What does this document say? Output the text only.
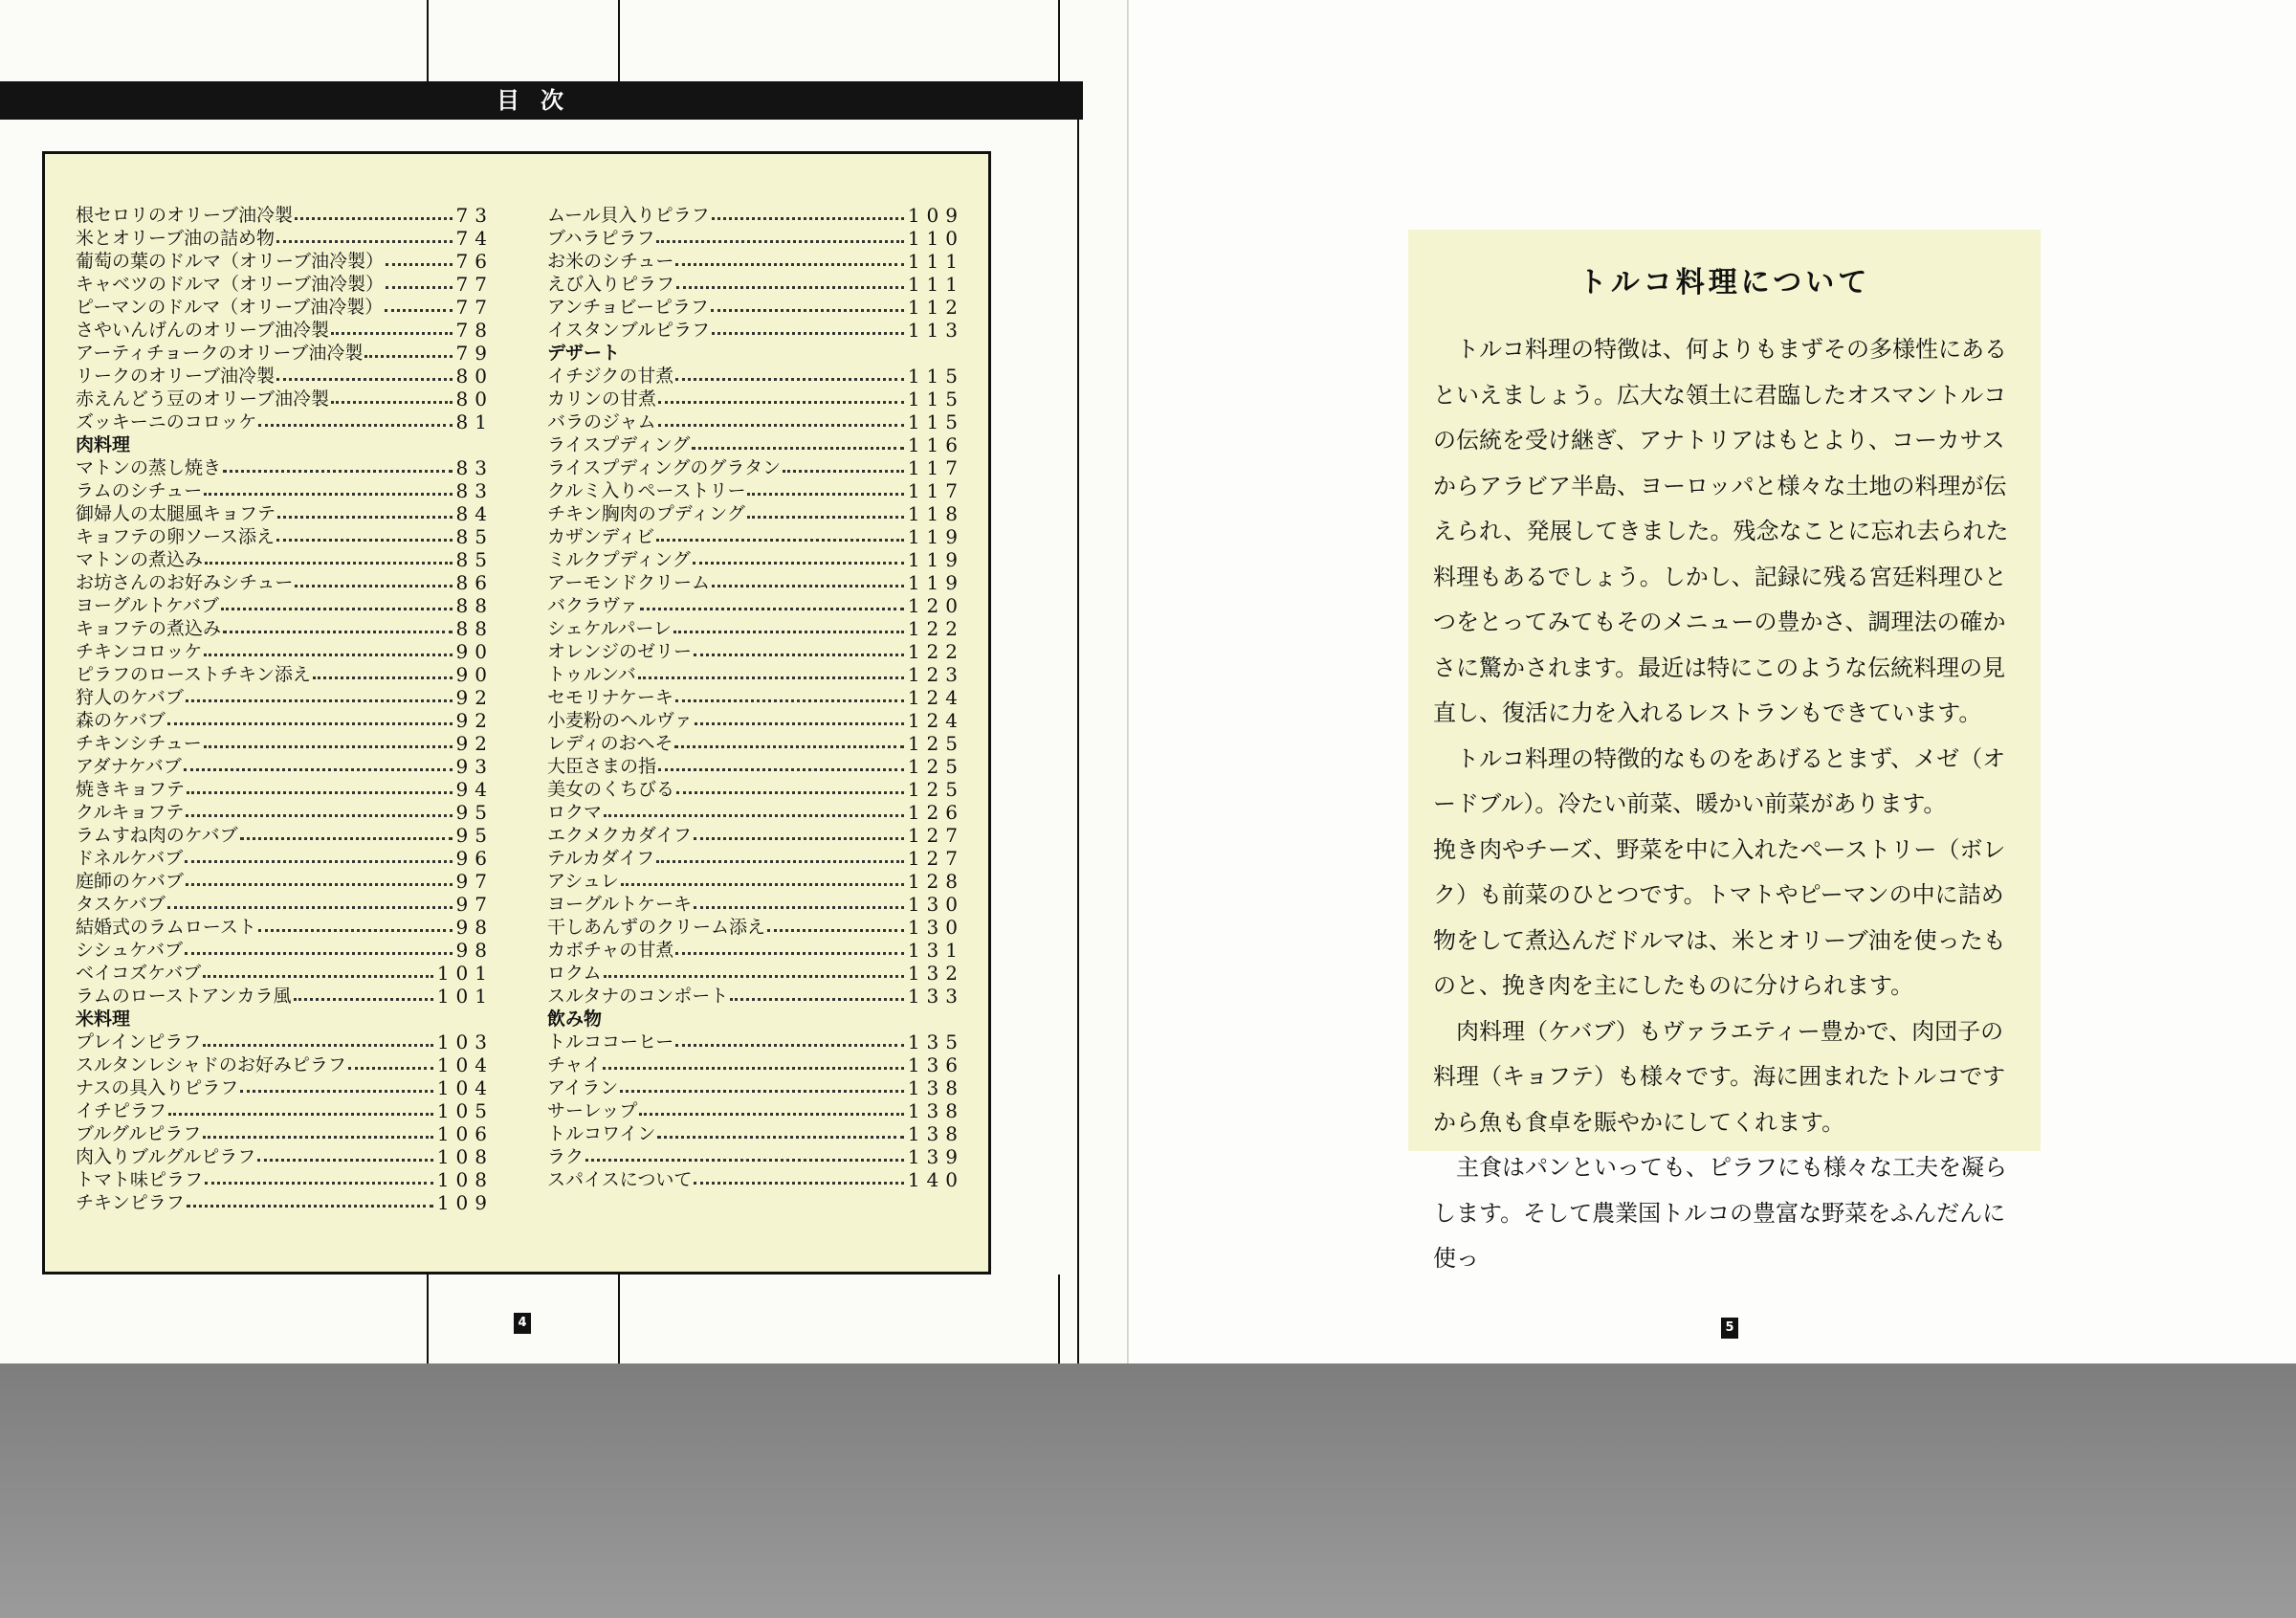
目次
根セロリのオリーブ油冷製	73
米とオリーブ油の詰め物	74
葡萄の葉のドルマ（オリーブ油冷製）	76
キャベツのドルマ（オリーブ油冷製）	77
ピーマンのドルマ（オリーブ油冷製）	77
さやいんげんのオリーブ油冷製	78
アーティチョークのオリーブ油冷製	79
リークのオリーブ油冷製	80
赤えんどう豆のオリーブ油冷製	80
ズッキーニのコロッケ	81
肉料理
マトンの蒸し焼き	83
ラムのシチュー	83
御婦人の太腿風キョフテ	84
キョフテの卵ソース添え	85
マトンの煮込み	85
お坊さんのお好みシチュー	86
ヨーグルトケバブ	88
キョフテの煮込み	88
チキンコロッケ	90
ピラフのローストチキン添え	90
狩人のケバブ	92
森のケバブ	92
チキンシチュー	92
アダナケバブ	93
焼きキョフテ	94
クルキョフテ	95
ラムすね肉のケバブ	95
ドネルケバブ	96
庭師のケバブ	97
タスケバブ	97
結婚式のラムロースト	98
シシュケバブ	98
ベイコズケバブ	101
ラムのローストアンカラ風	101
米料理
プレインピラフ	103
スルタンレシャドのお好みピラフ	104
ナスの具入りピラフ	104
イチピラフ	105
ブルグルピラフ	106
肉入りブルグルピラフ	108
トマト味ピラフ	108
チキンピラフ	109
ムール貝入りピラフ	109
ブハラピラフ	110
お米のシチュー	111
えび入りピラフ	111
アンチョビーピラフ	112
イスタンブルピラフ	113
デザート
イチジクの甘煮	115
カリンの甘煮	115
バラのジャム	115
ライスプディング	116
ライスプディングのグラタン	117
クルミ入りペーストリー	117
チキン胸肉のプディング	118
カザンディビ	119
ミルクプディング	119
アーモンドクリーム	119
バクラヴァ	120
シェケルパーレ	122
オレンジのゼリー	122
トゥルンバ	123
セモリナケーキ	124
小麦粉のヘルヴァ	124
レディのおへそ	125
大臣さまの指	125
美女のくちびる	125
ロクマ	126
エクメクカダイフ	127
テルカダイフ	127
アシュレ	128
ヨーグルトケーキ	130
干しあんずのクリーム添え	130
カボチャの甘煮	131
ロクム	132
スルタナのコンポート	133
飲み物
トルココーヒー	135
チャイ	136
アイラン	138
サーレップ	138
トルコワイン	138
ラク	139
スパイスについて	140
4	5
トルコ料理について

トルコ料理の特徴は、何よりもまずその多様性にあるといえましょう。広大な領土に君臨したオスマントルコの伝統を受け継ぎ、アナトリアはもとより、コーカサスからアラビア半島、ヨーロッパと様々な土地の料理が伝えられ、発展してきました。残念なことに忘れ去られた料理もあるでしょう。しかし、記録に残る宮廷料理ひとつをとってみてもそのメニューの豊かさ、調理法の確かさに驚かされます。最近は特にこのような伝統料理の見直し、復活に力を入れるレストランもできています。

トルコ料理の特徴的なものをあげるとまず、メゼ（オードブル）。冷たい前菜、暖かい前菜があります。

挽き肉やチーズ、野菜を中に入れたペーストリー（ボレク）も前菜のひとつです。トマトやピーマンの中に詰め物をして煮込んだドルマは、米とオリーブ油を使ったものと、挽き肉を主にしたものに分けられます。

肉料理（ケバブ）もヴァラエティー豊かで、肉団子の料理（キョフテ）も様々です。海に囲まれたトルコですから魚も食卓を賑やかにしてくれます。

主食はパンといっても、ピラフにも様々な工夫を凝らします。そして農業国トルコの豊富な野菜をふんだんに使っ
